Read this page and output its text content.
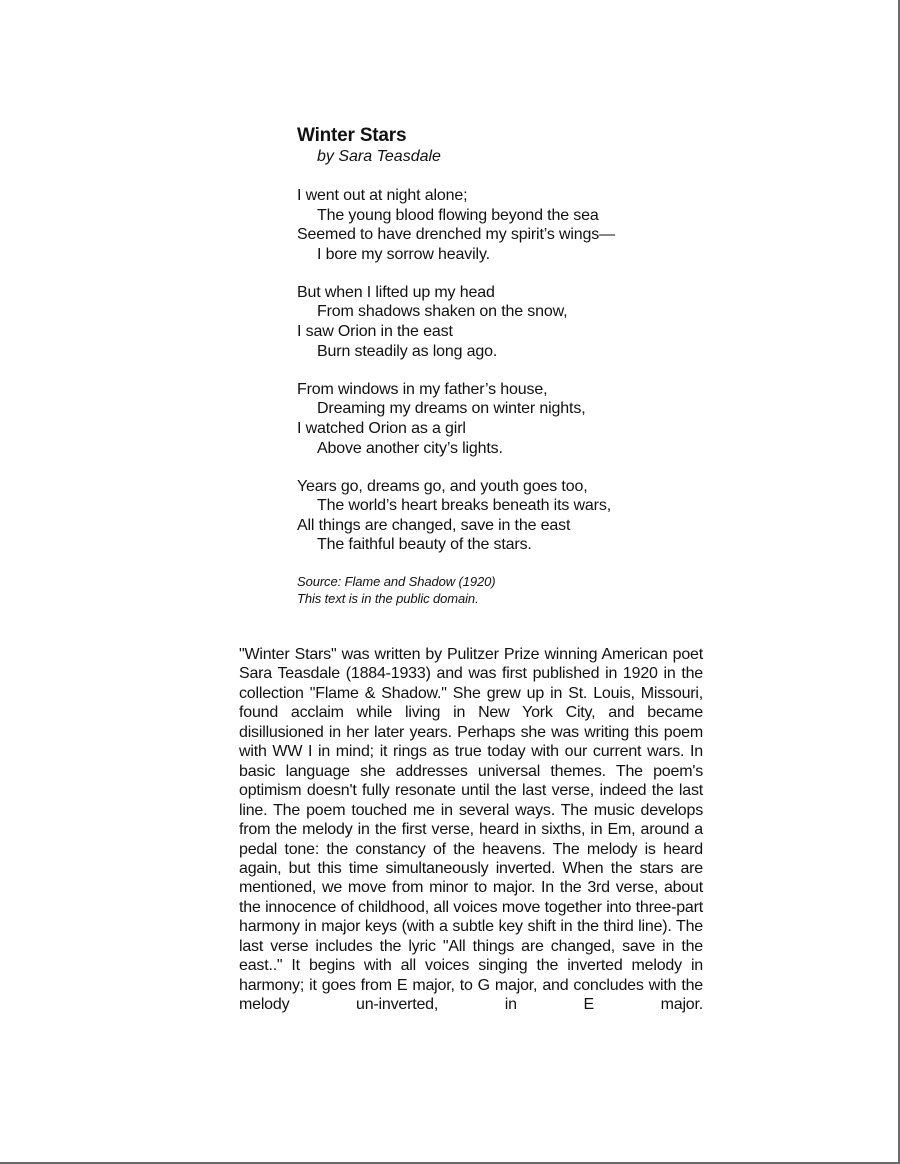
Winter Stars
by Sara Teasdale
I went out at night alone;
The young blood flowing beyond the sea
Seemed to have drenched my spirit’s wings—
I bore my sorrow heavily.
But when I lifted up my head
From shadows shaken on the snow,
I saw Orion in the east
Burn steadily as long ago.
From windows in my father’s house,
Dreaming my dreams on winter nights,
I watched Orion as a girl
Above another city’s lights.
Years go, dreams go, and youth goes too,
The world’s heart breaks beneath its wars,
All things are changed, save in the east
The faithful beauty of the stars.
Source: Flame and Shadow (1920)
This text is in the public domain.

"Winter Stars" was written by Pulitzer Prize winning American poet Sara Teasdale (1884-1933) and was first published in 1920 in the collection "Flame & Shadow." She grew up in St. Louis, Missouri, found acclaim while living in New York City, and became disillusioned in her later years. Perhaps she was writing this poem with WW I in mind; it rings as true today with our current wars. In basic language she addresses universal themes. The poem's optimism doesn't fully resonate until the last verse, indeed the last line. The poem touched me in several ways. The music develops from the melody in the first verse, heard in sixths, in Em, around a pedal tone: the constancy of the heavens. The melody is heard again, but this time simultaneously inverted. When the stars are mentioned, we move from minor to major. In the 3rd verse, about the innocence of childhood, all voices move together into three-part harmony in major keys (with a subtle key shift in the third line). The last verse includes the lyric "All things are changed, save in the east.." It begins with all voices singing the inverted melody in harmony; it goes from E major, to G major, and concludes with the melody un-inverted, in E major.
